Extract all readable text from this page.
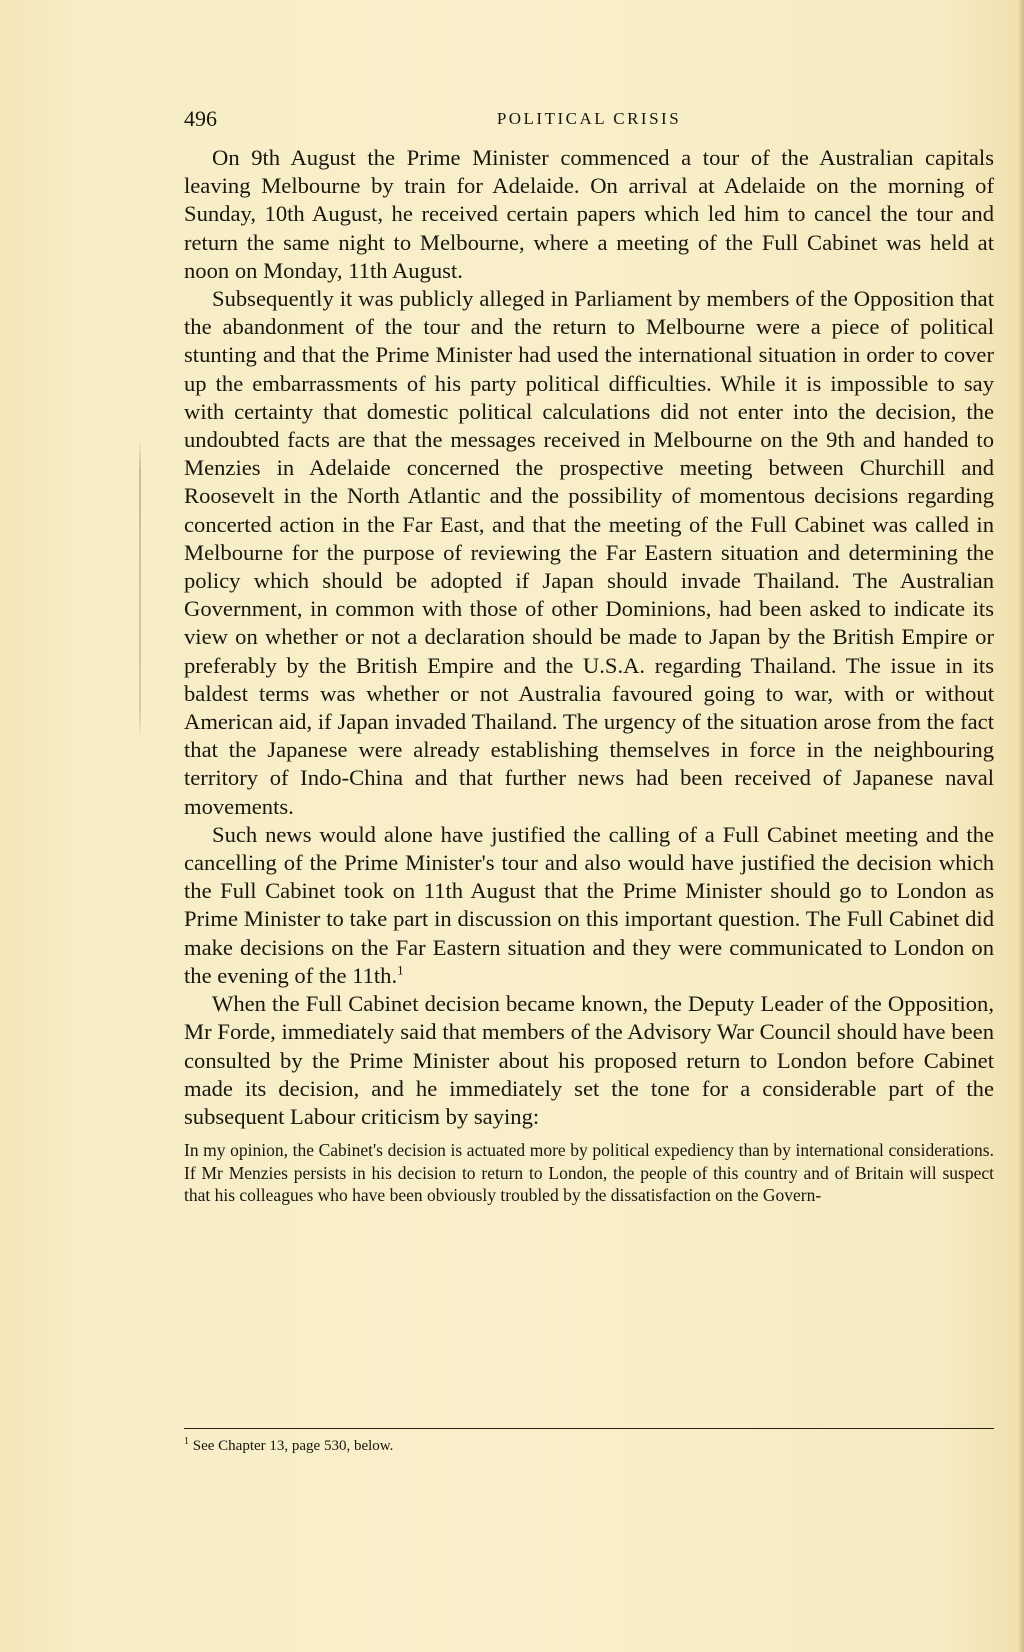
496	POLITICAL CRISIS

On 9th August the Prime Minister commenced a tour of the Australian capitals leaving Melbourne by train for Adelaide. On arrival at Adelaide on the morning of Sunday, 10th August, he received certain papers which led him to cancel the tour and return the same night to Melbourne, where a meeting of the Full Cabinet was held at noon on Monday, 11th August.

Subsequently it was publicly alleged in Parliament by members of the Opposition that the abandonment of the tour and the return to Melbourne were a piece of political stunting and that the Prime Minister had used the international situation in order to cover up the embarrassments of his party political difficulties. While it is impossible to say with certainty that domestic political calculations did not enter into the decision, the undoubted facts are that the messages received in Melbourne on the 9th and handed to Menzies in Adelaide concerned the prospective meeting between Churchill and Roosevelt in the North Atlantic and the possibility of momentous decisions regarding concerted action in the Far East, and that the meeting of the Full Cabinet was called in Melbourne for the purpose of reviewing the Far Eastern situation and determining the policy which should be adopted if Japan should invade Thailand. The Australian Government, in common with those of other Dominions, had been asked to indicate its view on whether or not a declaration should be made to Japan by the British Empire or preferably by the British Empire and the U.S.A. regarding Thailand. The issue in its baldest terms was whether or not Australia favoured going to war, with or without American aid, if Japan invaded Thailand. The urgency of the situation arose from the fact that the Japanese were already establishing themselves in force in the neighbouring territory of Indo-China and that further news had been received of Japanese naval movements.

Such news would alone have justified the calling of a Full Cabinet meeting and the cancelling of the Prime Minister's tour and also would have justified the decision which the Full Cabinet took on 11th August that the Prime Minister should go to London as Prime Minister to take part in discussion on this important question. The Full Cabinet did make decisions on the Far Eastern situation and they were communicated to London on the evening of the 11th.$^1$

When the Full Cabinet decision became known, the Deputy Leader of the Opposition, Mr Forde, immediately said that members of the Advisory War Council should have been consulted by the Prime Minister about his proposed return to London before Cabinet made its decision, and he immediately set the tone for a considerable part of the subsequent Labour criticism by saying:

In my opinion, the Cabinet's decision is actuated more by political expediency than by international considerations. If Mr Menzies persists in his decision to return to London, the people of this country and of Britain will suspect that his colleagues who have been obviously troubled by the dissatisfaction on the Govern-
$^1$ See Chapter 13, page 530, below.
